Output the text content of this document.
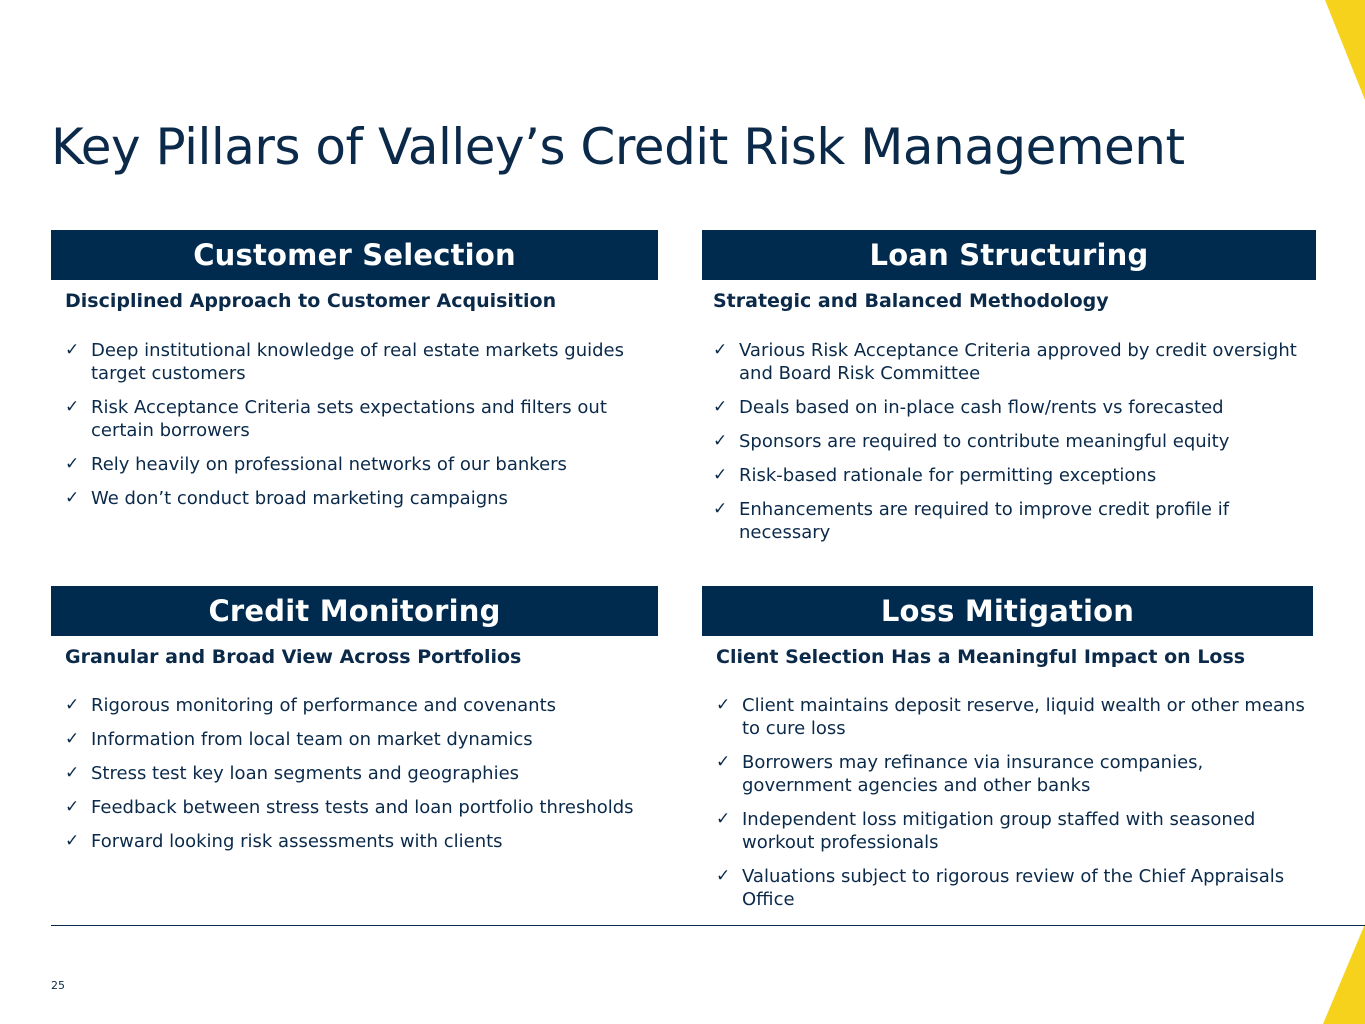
Key Pillars of Valley’s Credit Risk Management
Customer Selection

Disciplined Approach to Customer Acquisition

✓ Deep institutional knowledge of real estate markets guides target customers
✓ Risk Acceptance Criteria sets expectations and filters out certain borrowers
✓ Rely heavily on professional networks of our bankers
✓ We don’t conduct broad marketing campaigns
Loan Structuring

Strategic and Balanced Methodology

✓ Various Risk Acceptance Criteria approved by credit oversight and Board Risk Committee
✓ Deals based on in-place cash flow/rents vs forecasted
✓ Sponsors are required to contribute meaningful equity
✓ Risk-based rationale for permitting exceptions
✓ Enhancements are required to improve credit profile if necessary
Credit Monitoring

Granular and Broad View Across Portfolios

✓ Rigorous monitoring of performance and covenants
✓ Information from local team on market dynamics
✓ Stress test key loan segments and geographies
✓ Feedback between stress tests and loan portfolio thresholds
✓ Forward looking risk assessments with clients
Loss Mitigation

Client Selection Has a Meaningful Impact on Loss

✓ Client maintains deposit reserve, liquid wealth or other means to cure loss
✓ Borrowers may refinance via insurance companies, government agencies and other banks
✓ Independent loss mitigation group staffed with seasoned workout professionals
✓ Valuations subject to rigorous review of the Chief Appraisals Office
25
